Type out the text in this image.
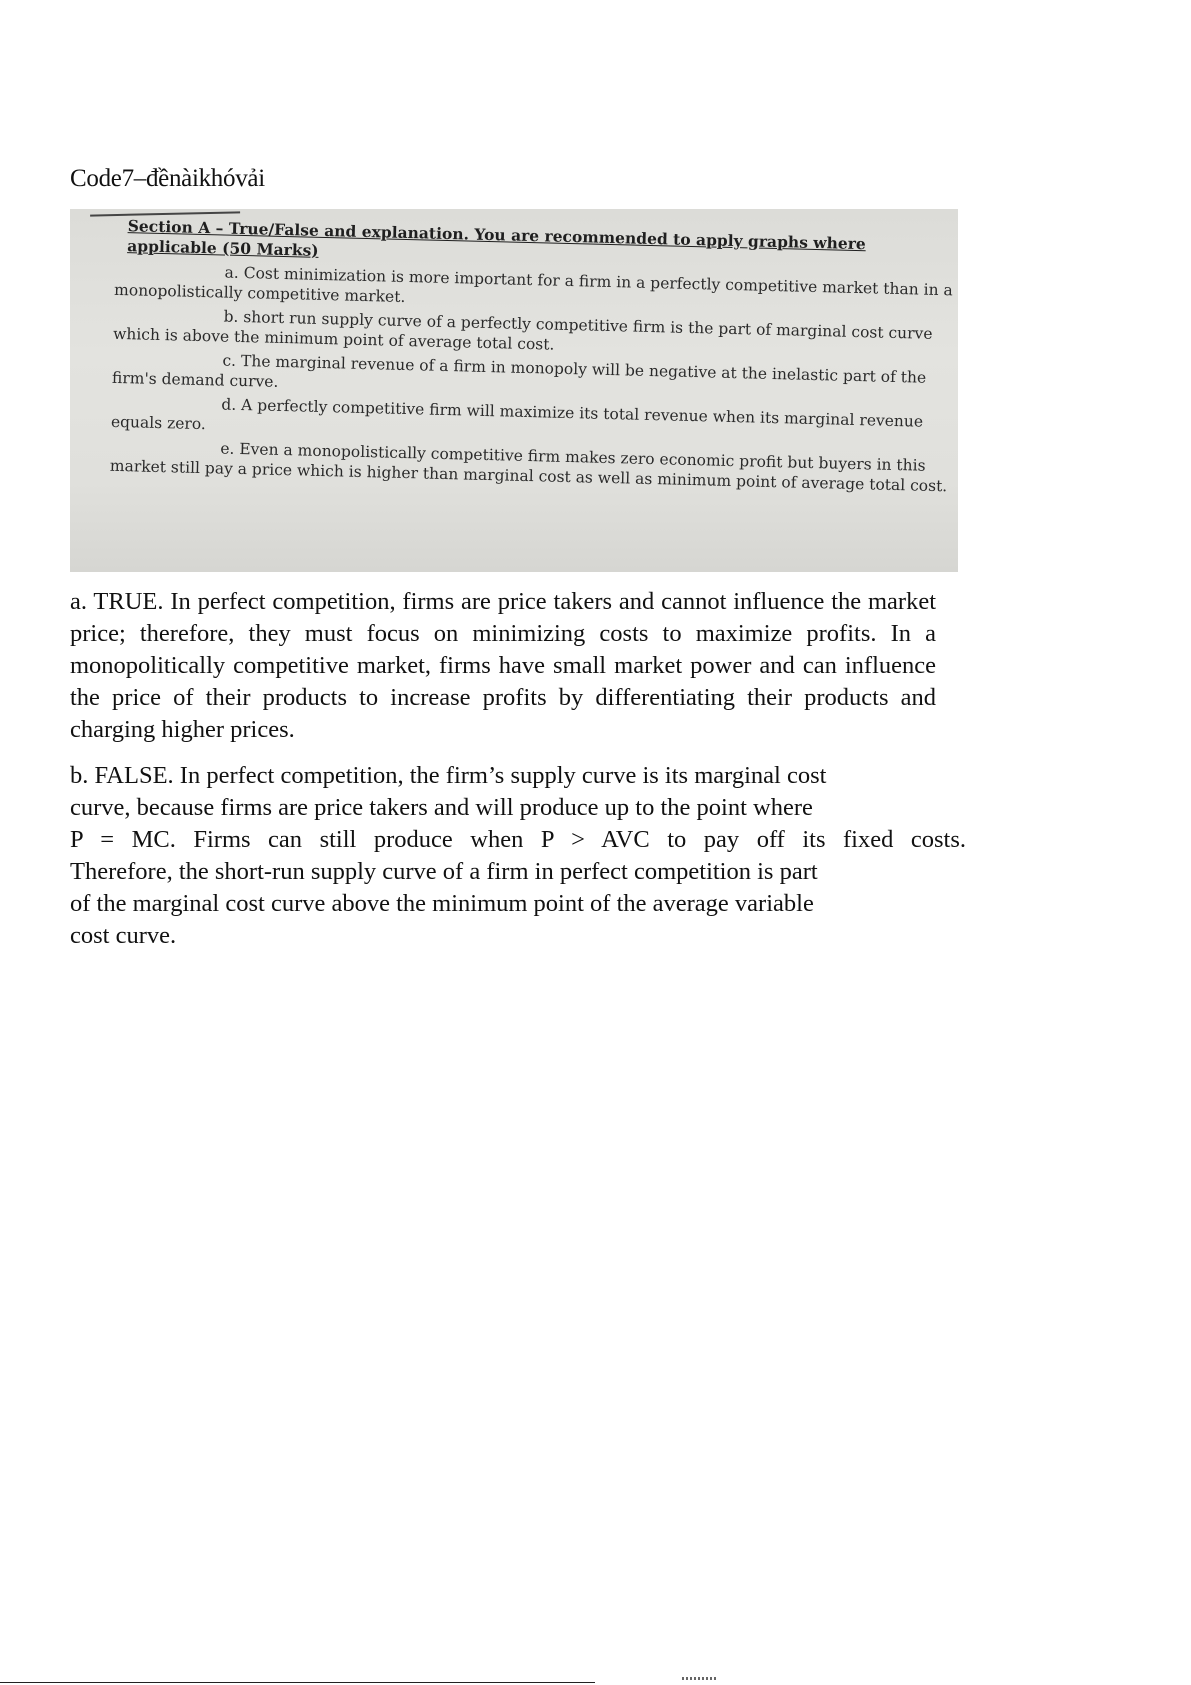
Code7–đềnàikhóvải
Section A – True/False and explanation. You are recommended to apply graphs where applicable (50 Marks)
a. Cost minimization is more important for a firm in a perfectly competitive market than in a monopolistically competitive market.
b. short run supply curve of a perfectly competitive firm is the part of marginal cost curve which is above the minimum point of average total cost.
c. The marginal revenue of a firm in monopoly will be negative at the inelastic part of the firm's demand curve.
d. A perfectly competitive firm will maximize its total revenue when its marginal revenue equals zero.
e. Even a monopolistically competitive firm makes zero economic profit but buyers in this market still pay a price which is higher than marginal cost as well as minimum point of average total cost.
a. TRUE. In perfect competition, firms are price takers and cannot influence the market price; therefore, they must focus on minimizing costs to maximize profits. In a monopolitically competitive market, firms have small market power and can influence the price of their products to increase profits by differentiating their products and charging higher prices.
b. FALSE. In perfect competition, the firm’s supply curve is its marginal cost
curve, because firms are price takers and will produce up to the point where
P = MC. Firms can still produce when P > AVC to pay off its fixed costs.
Therefore, the short-run supply curve of a firm in perfect competition is part
of the marginal cost curve above the minimum point of the average variable
cost curve.
